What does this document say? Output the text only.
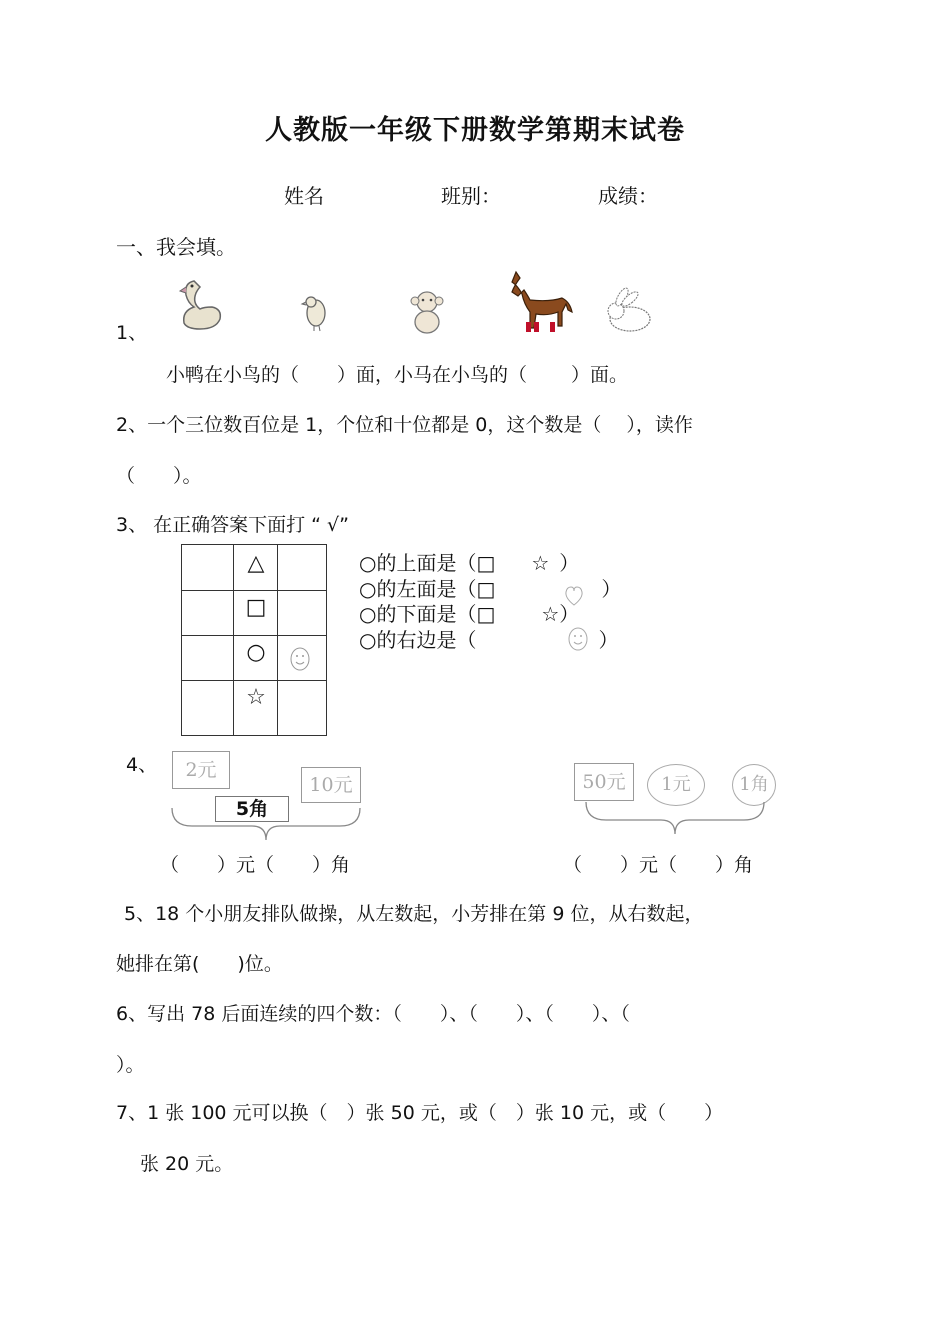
人教版一年级下册数学第期末试卷
姓名	班别：	成绩：
一、我会填。
1、
小鸭在小鸟的（　　）面，小马在小鸟的（　　 ）面。
2、一个三位数百位是 1，个位和十位都是 0，这个数是（　 ），读作
（　　）。
3、 在正确答案下面打 “ √”
△
□
○
☆
○的上面是（□ ☆ ）
○的左面是（□	）
○的下面是（□ ☆）
○的右边是（	）
4、	2元
10元
5角
50元	1元	1角
（　　）元（　　）角	（　　）元（　　）角
5、18 个小朋友排队做操，从左数起，小芳排在第 9 位，从右数起，
她排在第(　　)位。
6、写出 78 后面连续的四个数：（　　）、（　　）、（　　）、（
）。
7、1 张 100 元可以换（　）张 50 元，或（　）张 10 元，或（　　）
张 20 元。
